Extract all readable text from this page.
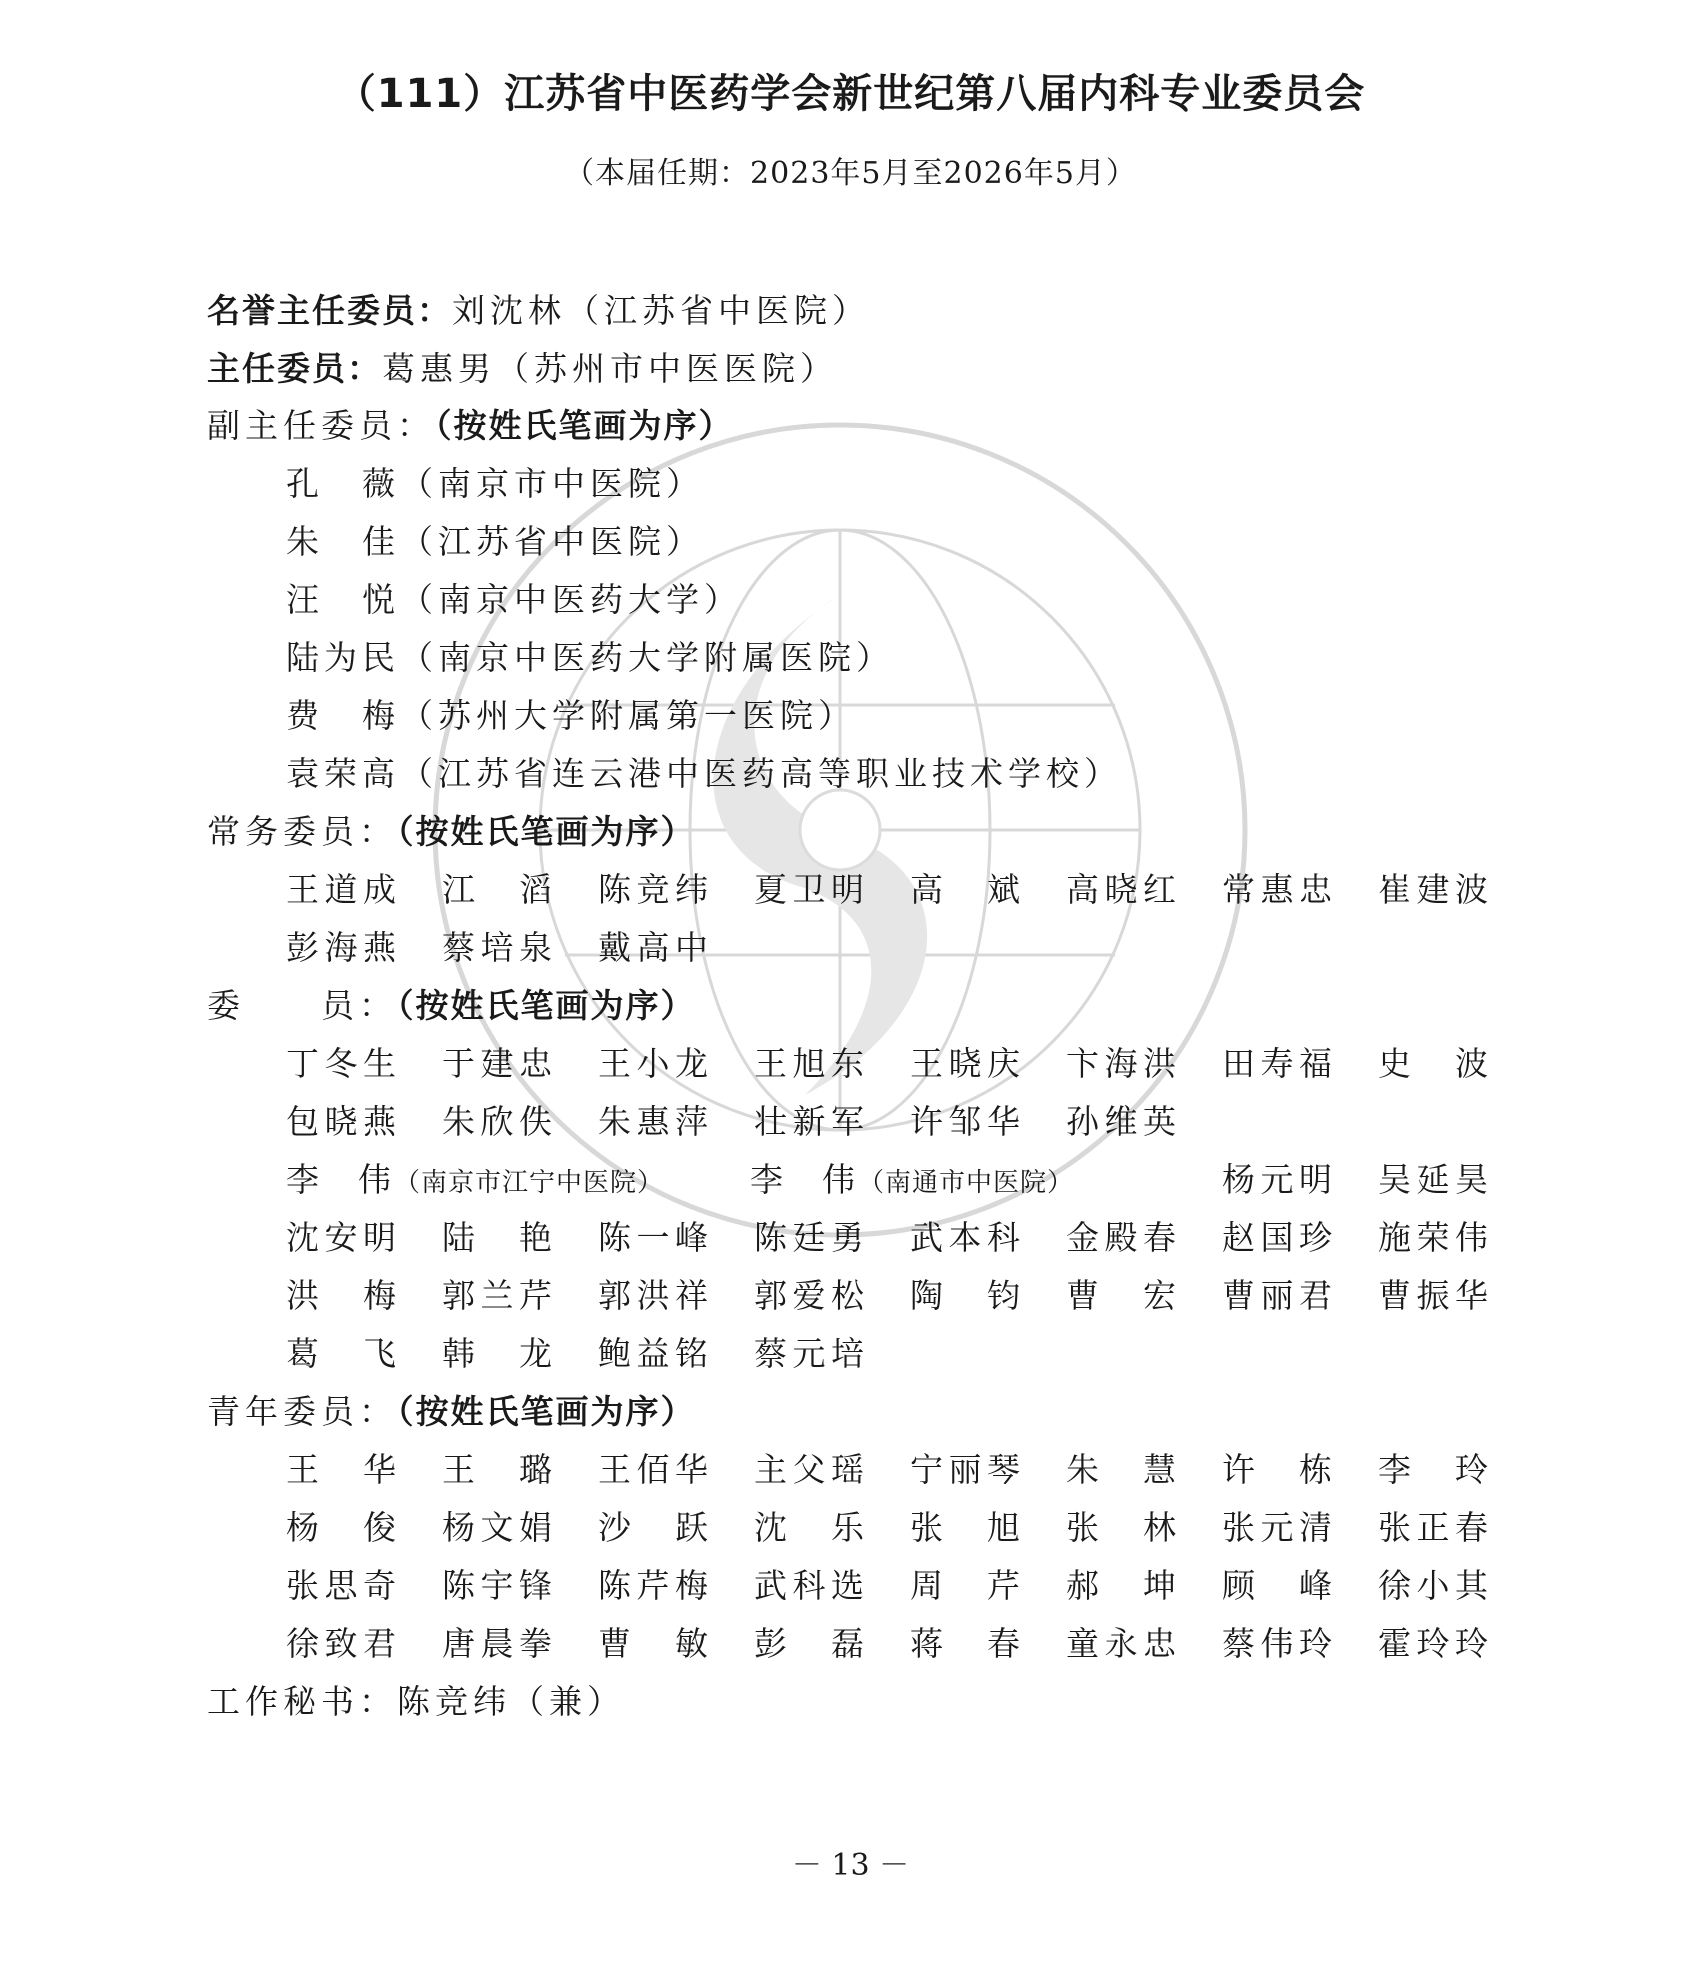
（111）江苏省中医药学会新世纪第八届内科专业委员会
（本届任期：2023年5月至2026年5月）
名誉主任委员：刘沈林（江苏省中医院）
主任委员：葛惠男（苏州市中医医院）
副主任委员：（按姓氏笔画为序）
孔　薇（南京市中医院）
朱　佳（江苏省中医院）
汪　悦（南京中医药大学）
陆为民（南京中医药大学附属医院）
费　梅（苏州大学附属第一医院）
袁荣高（江苏省连云港中医药高等职业技术学校）
常务委员：（按姓氏笔画为序）
王道成 江　滔 陈竞纬 夏卫明 高　斌 高晓红 常惠忠 崔建波
彭海燕 蔡培泉 戴高中
委　　员：（按姓氏笔画为序）
丁冬生 于建忠 王小龙 王旭东 王晓庆 卞海洪 田寿福 史　波
包晓燕 朱欣佚 朱惠萍 壮新军 许邹华 孙维英
沈安明 陆　艳 陈一峰 陈廷勇 武本科 金殿春 赵国珍 施荣伟
洪　梅 郭兰芹 郭洪祥 郭爱松 陶　钧 曹　宏 曹丽君 曹振华
葛　飞 韩　龙 鲍益铭 蔡元培
李　伟（南京市江宁中医院）	李　伟（南通市中医院）	杨元明 吴延昊
青年委员：（按姓氏笔画为序）
王　华 王　璐 王佰华 主父瑶 宁丽琴 朱　慧 许　栋 李　玲
杨　俊 杨文娟 沙　跃 沈　乐 张　旭 张　林 张元清 张正春
张思奇 陈宇锋 陈芹梅 武科选 周　芹 郝　坤 顾　峰 徐小其
徐致君 唐晨拳 曹　敏 彭　磊 蒋　春 童永忠 蔡伟玲 霍玲玲
工作秘书：陈竞纬（兼）
－ 13 －
